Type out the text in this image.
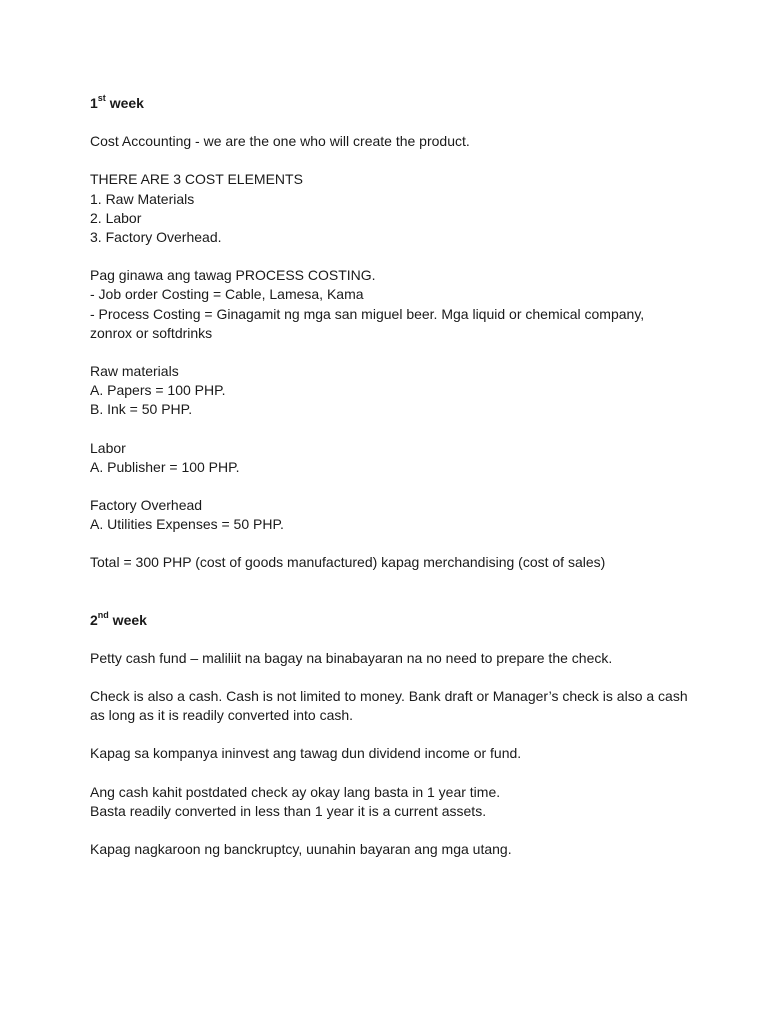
1st week

Cost Accounting - we are the one who will create the product.

THERE ARE 3 COST ELEMENTS
1. Raw Materials
2. Labor
3. Factory Overhead.
Pag ginawa ang tawag PROCESS COSTING.
- Job order Costing = Cable, Lamesa, Kama
- Process Costing = Ginagamit ng mga san miguel beer. Mga liquid or chemical company, zonrox or softdrinks
Raw materials
A. Papers = 100 PHP.
B. Ink = 50 PHP.
Labor
A. Publisher = 100 PHP.
Factory Overhead
A. Utilities Expenses = 50 PHP.

Total = 300 PHP (cost of goods manufactured) kapag merchandising (cost of sales)

2nd week

Petty cash fund – maliliit na bagay na binabayaran na no need to prepare the check.

Check is also a cash. Cash is not limited to money. Bank draft or Manager’s check is also a cash as long as it is readily converted into cash.

Kapag sa kompanya ininvest ang tawag dun dividend income or fund.

Ang cash kahit postdated check ay okay lang basta in 1 year time.
Basta readily converted in less than 1 year it is a current assets.

Kapag nagkaroon ng banckruptcy, uunahin bayaran ang mga utang.
